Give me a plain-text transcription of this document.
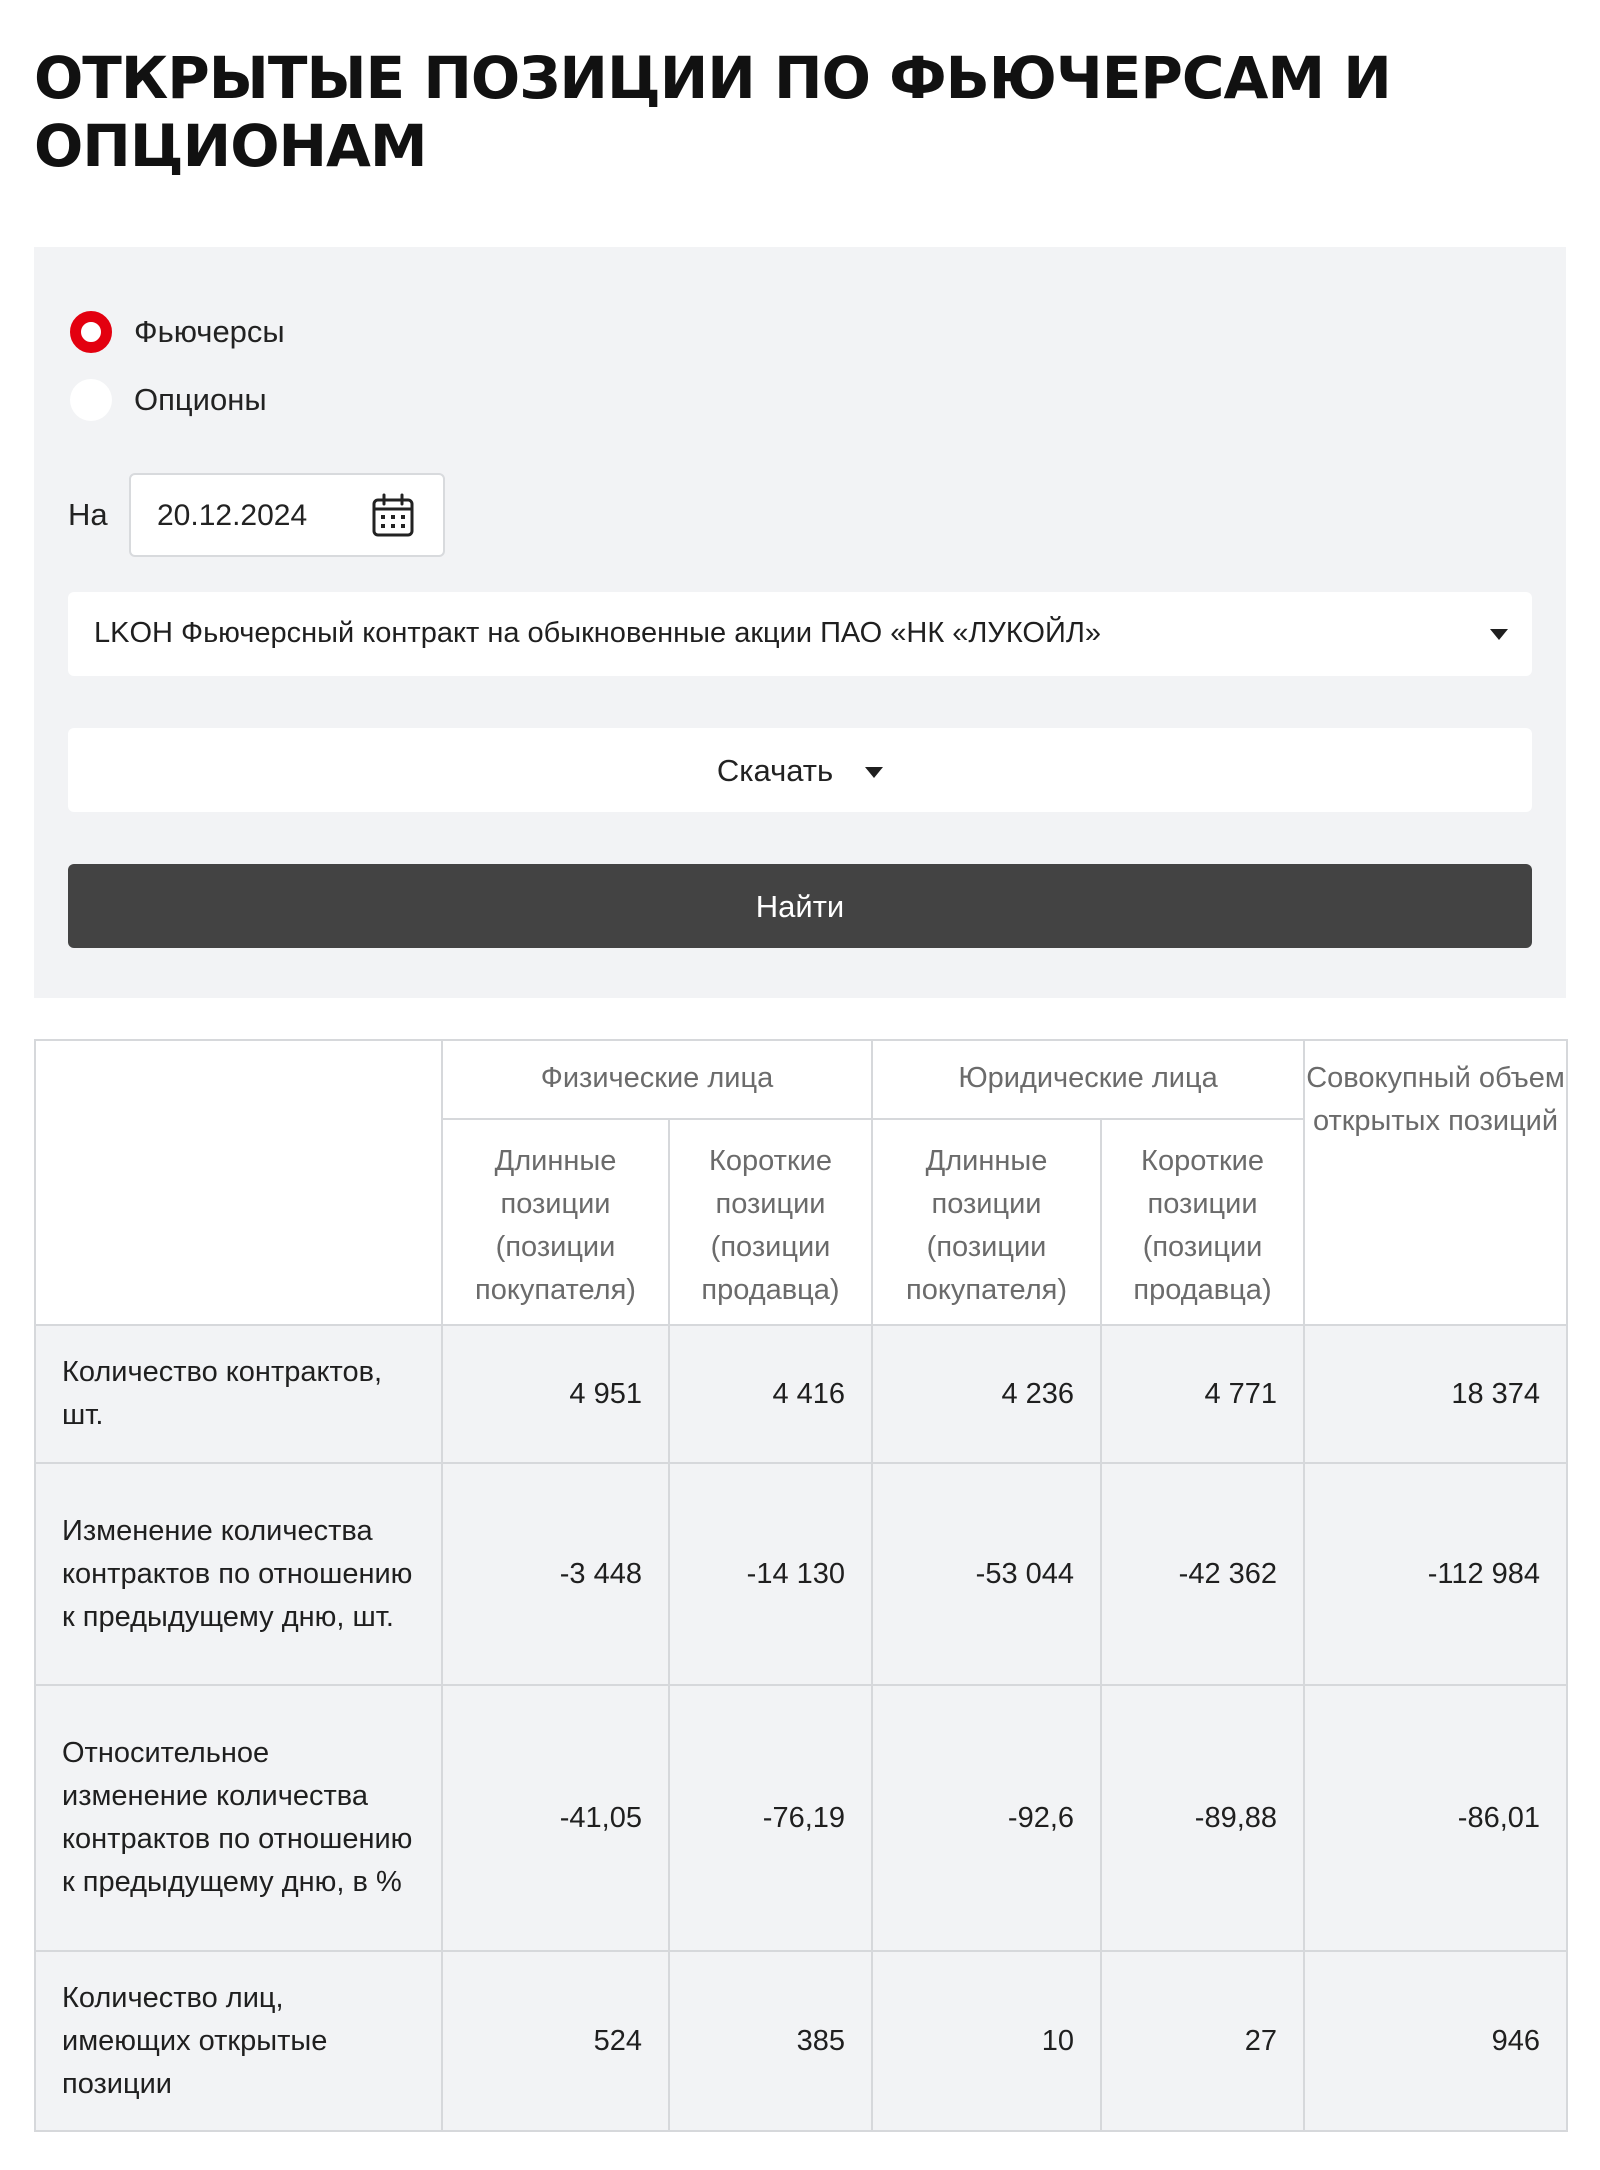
ОТКРЫТЫЕ ПОЗИЦИИ ПО ФЬЮЧЕРСАМ И ОПЦИОНАМ
Фьючерсы
Опционы
На 20.12.2024
LKOH Фьючерсный контракт на обыкновенные акции ПАО «НК «ЛУКОЙЛ»
Скачать
Найти
	Физические лица		Юридические лица		Совокупный объем открытых позиций
	Длинные позиции (позиции покупателя)	Короткие позиции (позиции продавца)	Длинные позиции (позиции покупателя)	Короткие позиции (позиции продавца)	
Количество контрактов, шт.	4 951	4 416	4 236	4 771	18 374
Изменение количества контрактов по отношению к предыдущему дню, шт.	-3 448	-14 130	-53 044	-42 362	-112 984
Относительное изменение количества контрактов по отношению к предыдущему дню, в %	-41,05	-76,19	-92,6	-89,88	-86,01
Количество лиц, имеющих открытые позиции	524	385	10	27	946
